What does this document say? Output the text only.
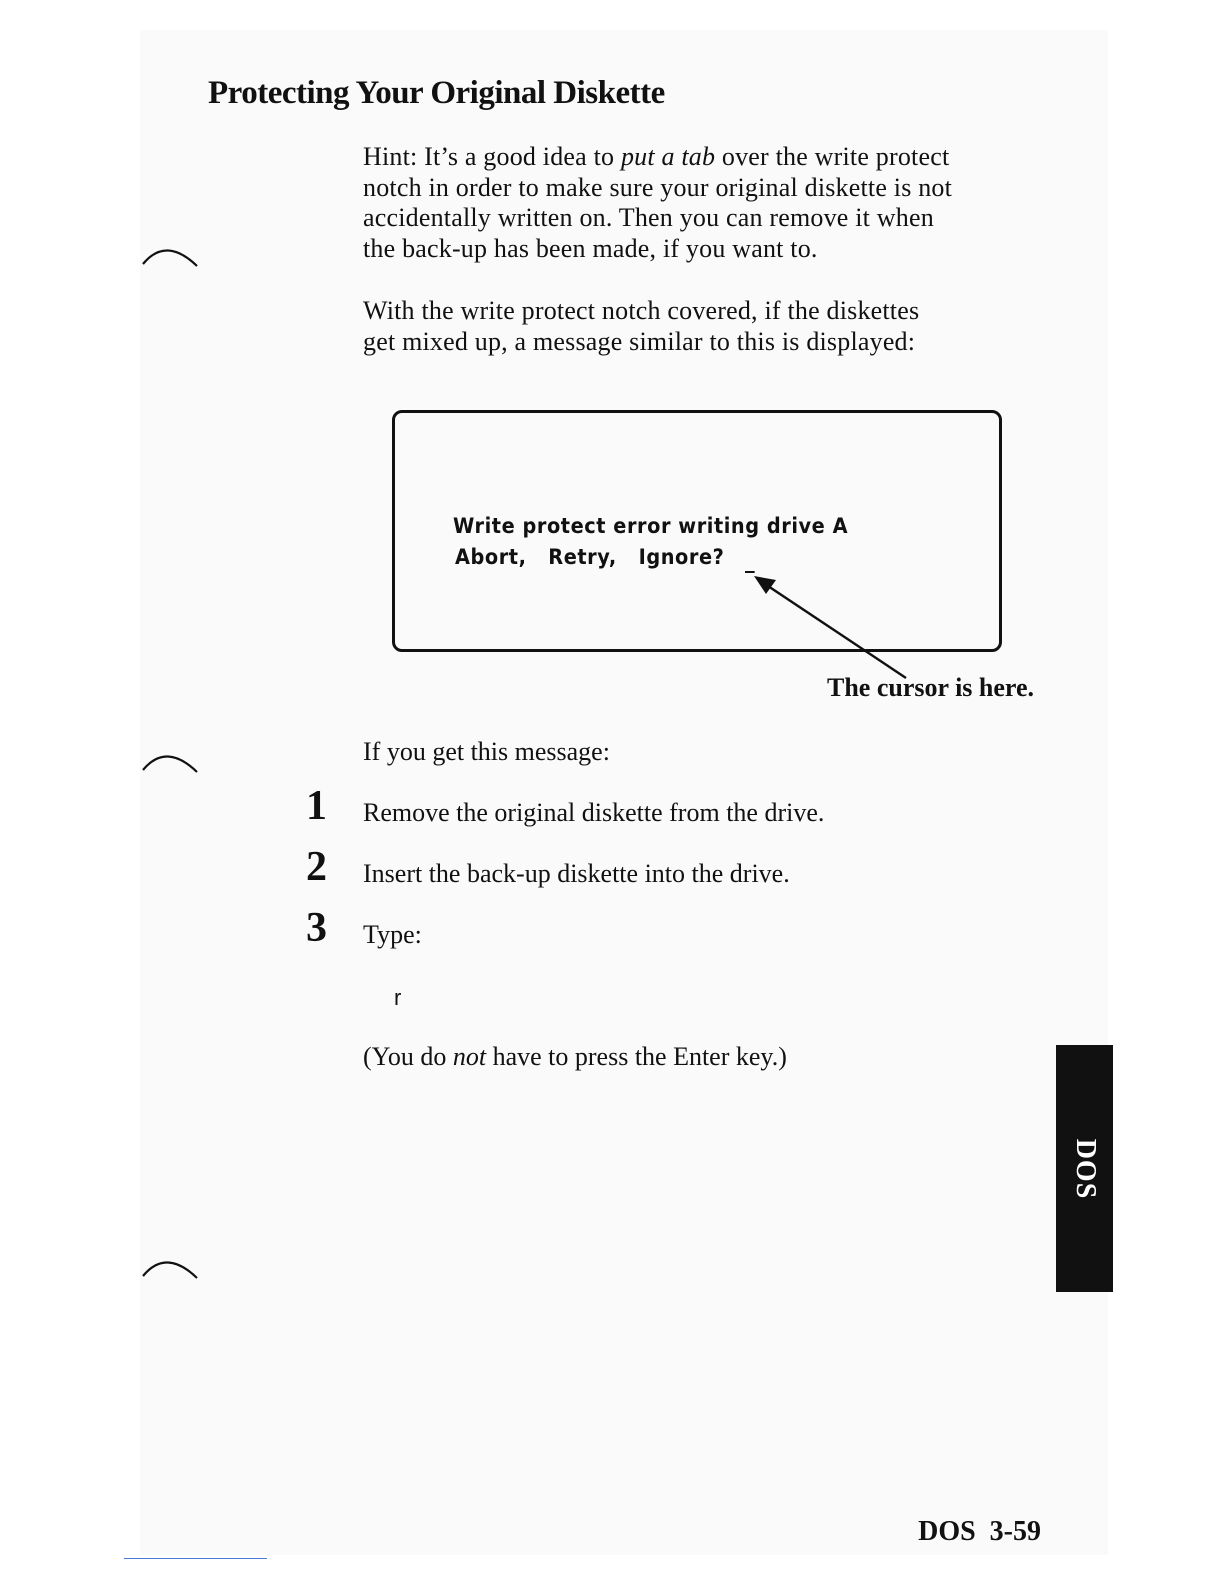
Protecting Your Original Diskette
Hint: It’s a good idea to put a tab over the write protect
notch in order to make sure your original diskette is not
accidentally written on. Then you can remove it when
the back-up has been made, if you want to.
With the write protect notch covered, if the diskettes
get mixed up, a message similar to this is displayed:
Write protect error writing drive A
Abort,   Retry,   Ignore? _
The cursor is here.
If you get this message:
1 Remove the original diskette from the drive.
2 Insert the back-up diskette into the drive.
3 Type:
r
(You do not have to press the Enter key.)
DOS
DOS 3-59
